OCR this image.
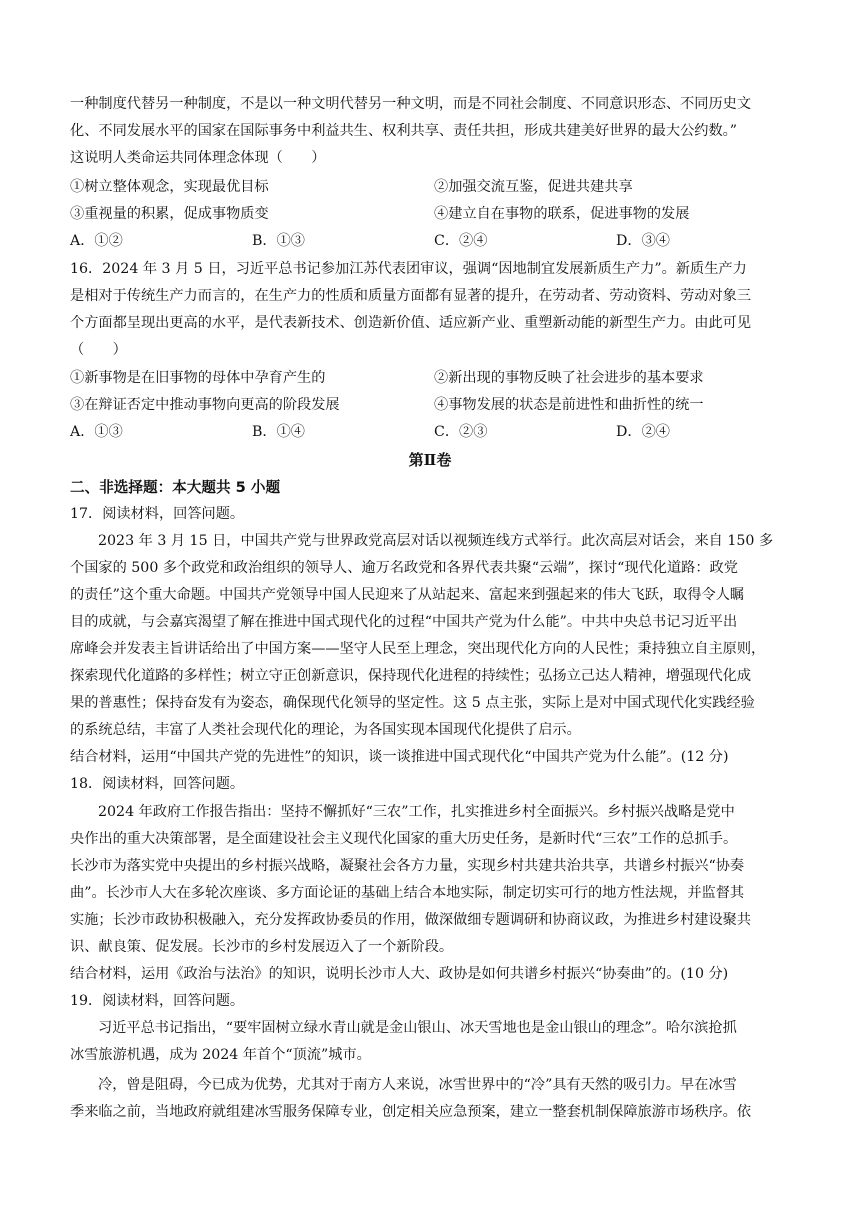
一种制度代替另一种制度，不是以一种文明代替另一种文明，而是不同社会制度、不同意识形态、不同历史文
化、不同发展水平的国家在国际事务中利益共生、权利共享、责任共担，形成共建美好世界的最大公约数。”
这说明人类命运共同体理念体现（　　）
①树立整体观念，实现最优目标	②加强交流互鉴，促进共建共享
③重视量的积累，促成事物质变	④建立自在事物的联系，促进事物的发展
A．①②	B．①③	C．②④	D．③④
16．2024 年 3 月 5 日，习近平总书记参加江苏代表团审议，强调“因地制宜发展新质生产力”。新质生产力
是相对于传统生产力而言的，在生产力的性质和质量方面都有显著的提升，在劳动者、劳动资料、劳动对象三
个方面都呈现出更高的水平，是代表新技术、创造新价值、适应新产业、重塑新动能的新型生产力。由此可见
（　　）
①新事物是在旧事物的母体中孕育产生的	②新出现的事物反映了社会进步的基本要求
③在辩证否定中推动事物向更高的阶段发展	④事物发展的状态是前进性和曲折性的统一
A．①③	B．①④	C．②③	D．②④
第Ⅱ卷
二、非选择题：本大题共 5 小题
17．阅读材料，回答问题。
2023 年 3 月 15 日，中国共产党与世界政党高层对话以视频连线方式举行。此次高层对话会，来自 150 多
个国家的 500 多个政党和政治组织的领导人、逾万名政党和各界代表共聚“云端”，探讨“现代化道路：政党
的责任”这个重大命题。中国共产党领导中国人民迎来了从站起来、富起来到强起来的伟大飞跃，取得令人瞩
目的成就，与会嘉宾渴望了解在推进中国式现代化的过程“中国共产党为什么能”。中共中央总书记习近平出
席峰会并发表主旨讲话给出了中国方案——坚守人民至上理念，突出现代化方向的人民性；秉持独立自主原则，
探索现代化道路的多样性；树立守正创新意识，保持现代化进程的持续性；弘扬立己达人精神，增强现代化成
果的普惠性；保持奋发有为姿态，确保现代化领导的坚定性。这 5 点主张，实际上是对中国式现代化实践经验
的系统总结，丰富了人类社会现代化的理论，为各国实现本国现代化提供了启示。
结合材料，运用“中国共产党的先进性”的知识，谈一谈推进中国式现代化“中国共产党为什么能”。(12 分)
18．阅读材料，回答问题。
2024 年政府工作报告指出：坚持不懈抓好“三农”工作，扎实推进乡村全面振兴。乡村振兴战略是党中
央作出的重大决策部署，是全面建设社会主义现代化国家的重大历史任务，是新时代“三农”工作的总抓手。
长沙市为落实党中央提出的乡村振兴战略，凝聚社会各方力量，实现乡村共建共治共享，共谱乡村振兴“协奏
曲”。长沙市人大在多轮次座谈、多方面论证的基础上结合本地实际，制定切实可行的地方性法规，并监督其
实施；长沙市政协积极融入，充分发挥政协委员的作用，做深做细专题调研和协商议政，为推进乡村建设聚共
识、献良策、促发展。长沙市的乡村发展迈入了一个新阶段。
结合材料，运用《政治与法治》的知识，说明长沙市人大、政协是如何共谱乡村振兴“协奏曲”的。(10 分)
19．阅读材料，回答问题。
习近平总书记指出，“要牢固树立绿水青山就是金山银山、冰天雪地也是金山银山的理念”。哈尔滨抢抓
冰雪旅游机遇，成为 2024 年首个“顶流”城市。
冷，曾是阻碍，今已成为优势，尤其对于南方人来说，冰雪世界中的“冷”具有天然的吸引力。早在冰雪
季来临之前，当地政府就组建冰雪服务保障专业，创定相关应急预案，建立一整套机制保障旅游市场秩序。依
